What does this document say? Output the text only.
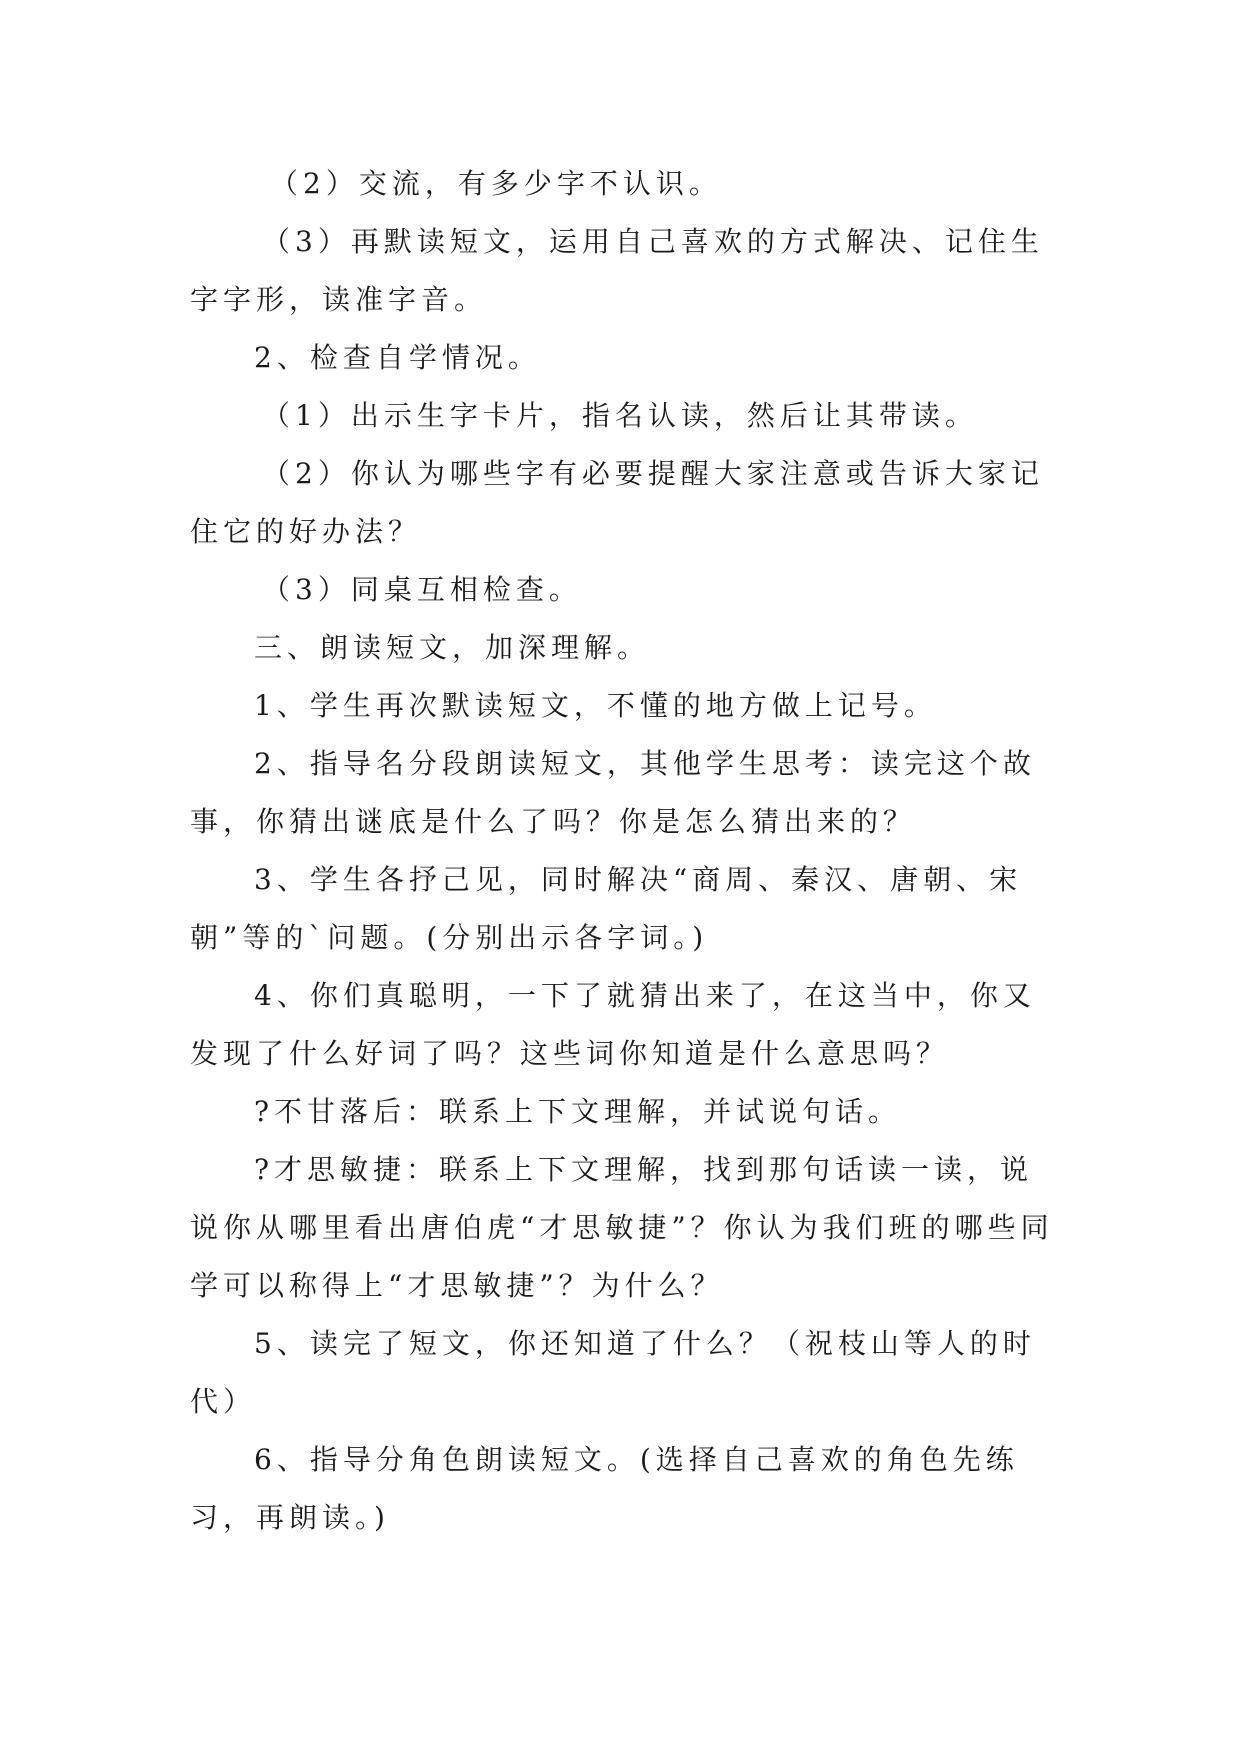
（2）交流，有多少字不认识。

（3）再默读短文，运用自己喜欢的方式解决、记住生字字形，读准字音。

2、检查自学情况。

（1）出示生字卡片，指名认读，然后让其带读。

（2）你认为哪些字有必要提醒大家注意或告诉大家记住它的好办法？

（3）同桌互相检查。

三、朗读短文，加深理解。

1、学生再次默读短文，不懂的地方做上记号。

2、指导名分段朗读短文，其他学生思考：读完这个故事，你猜出谜底是什么了吗？你是怎么猜出来的？

3、学生各抒己见，同时解决“商周、秦汉、唐朝、宋朝”等的`问题。(分别出示各字词。)

4、你们真聪明，一下了就猜出来了，在这当中，你又发现了什么好词了吗？这些词你知道是什么意思吗？

?不甘落后：联系上下文理解，并试说句话。

?才思敏捷：联系上下文理解，找到那句话读一读，说说你从哪里看出唐伯虎“才思敏捷”？你认为我们班的哪些同学可以称得上“才思敏捷”？为什么？

5、读完了短文，你还知道了什么？（祝枝山等人的时代）

6、指导分角色朗读短文。(选择自己喜欢的角色先练习，再朗读。)
